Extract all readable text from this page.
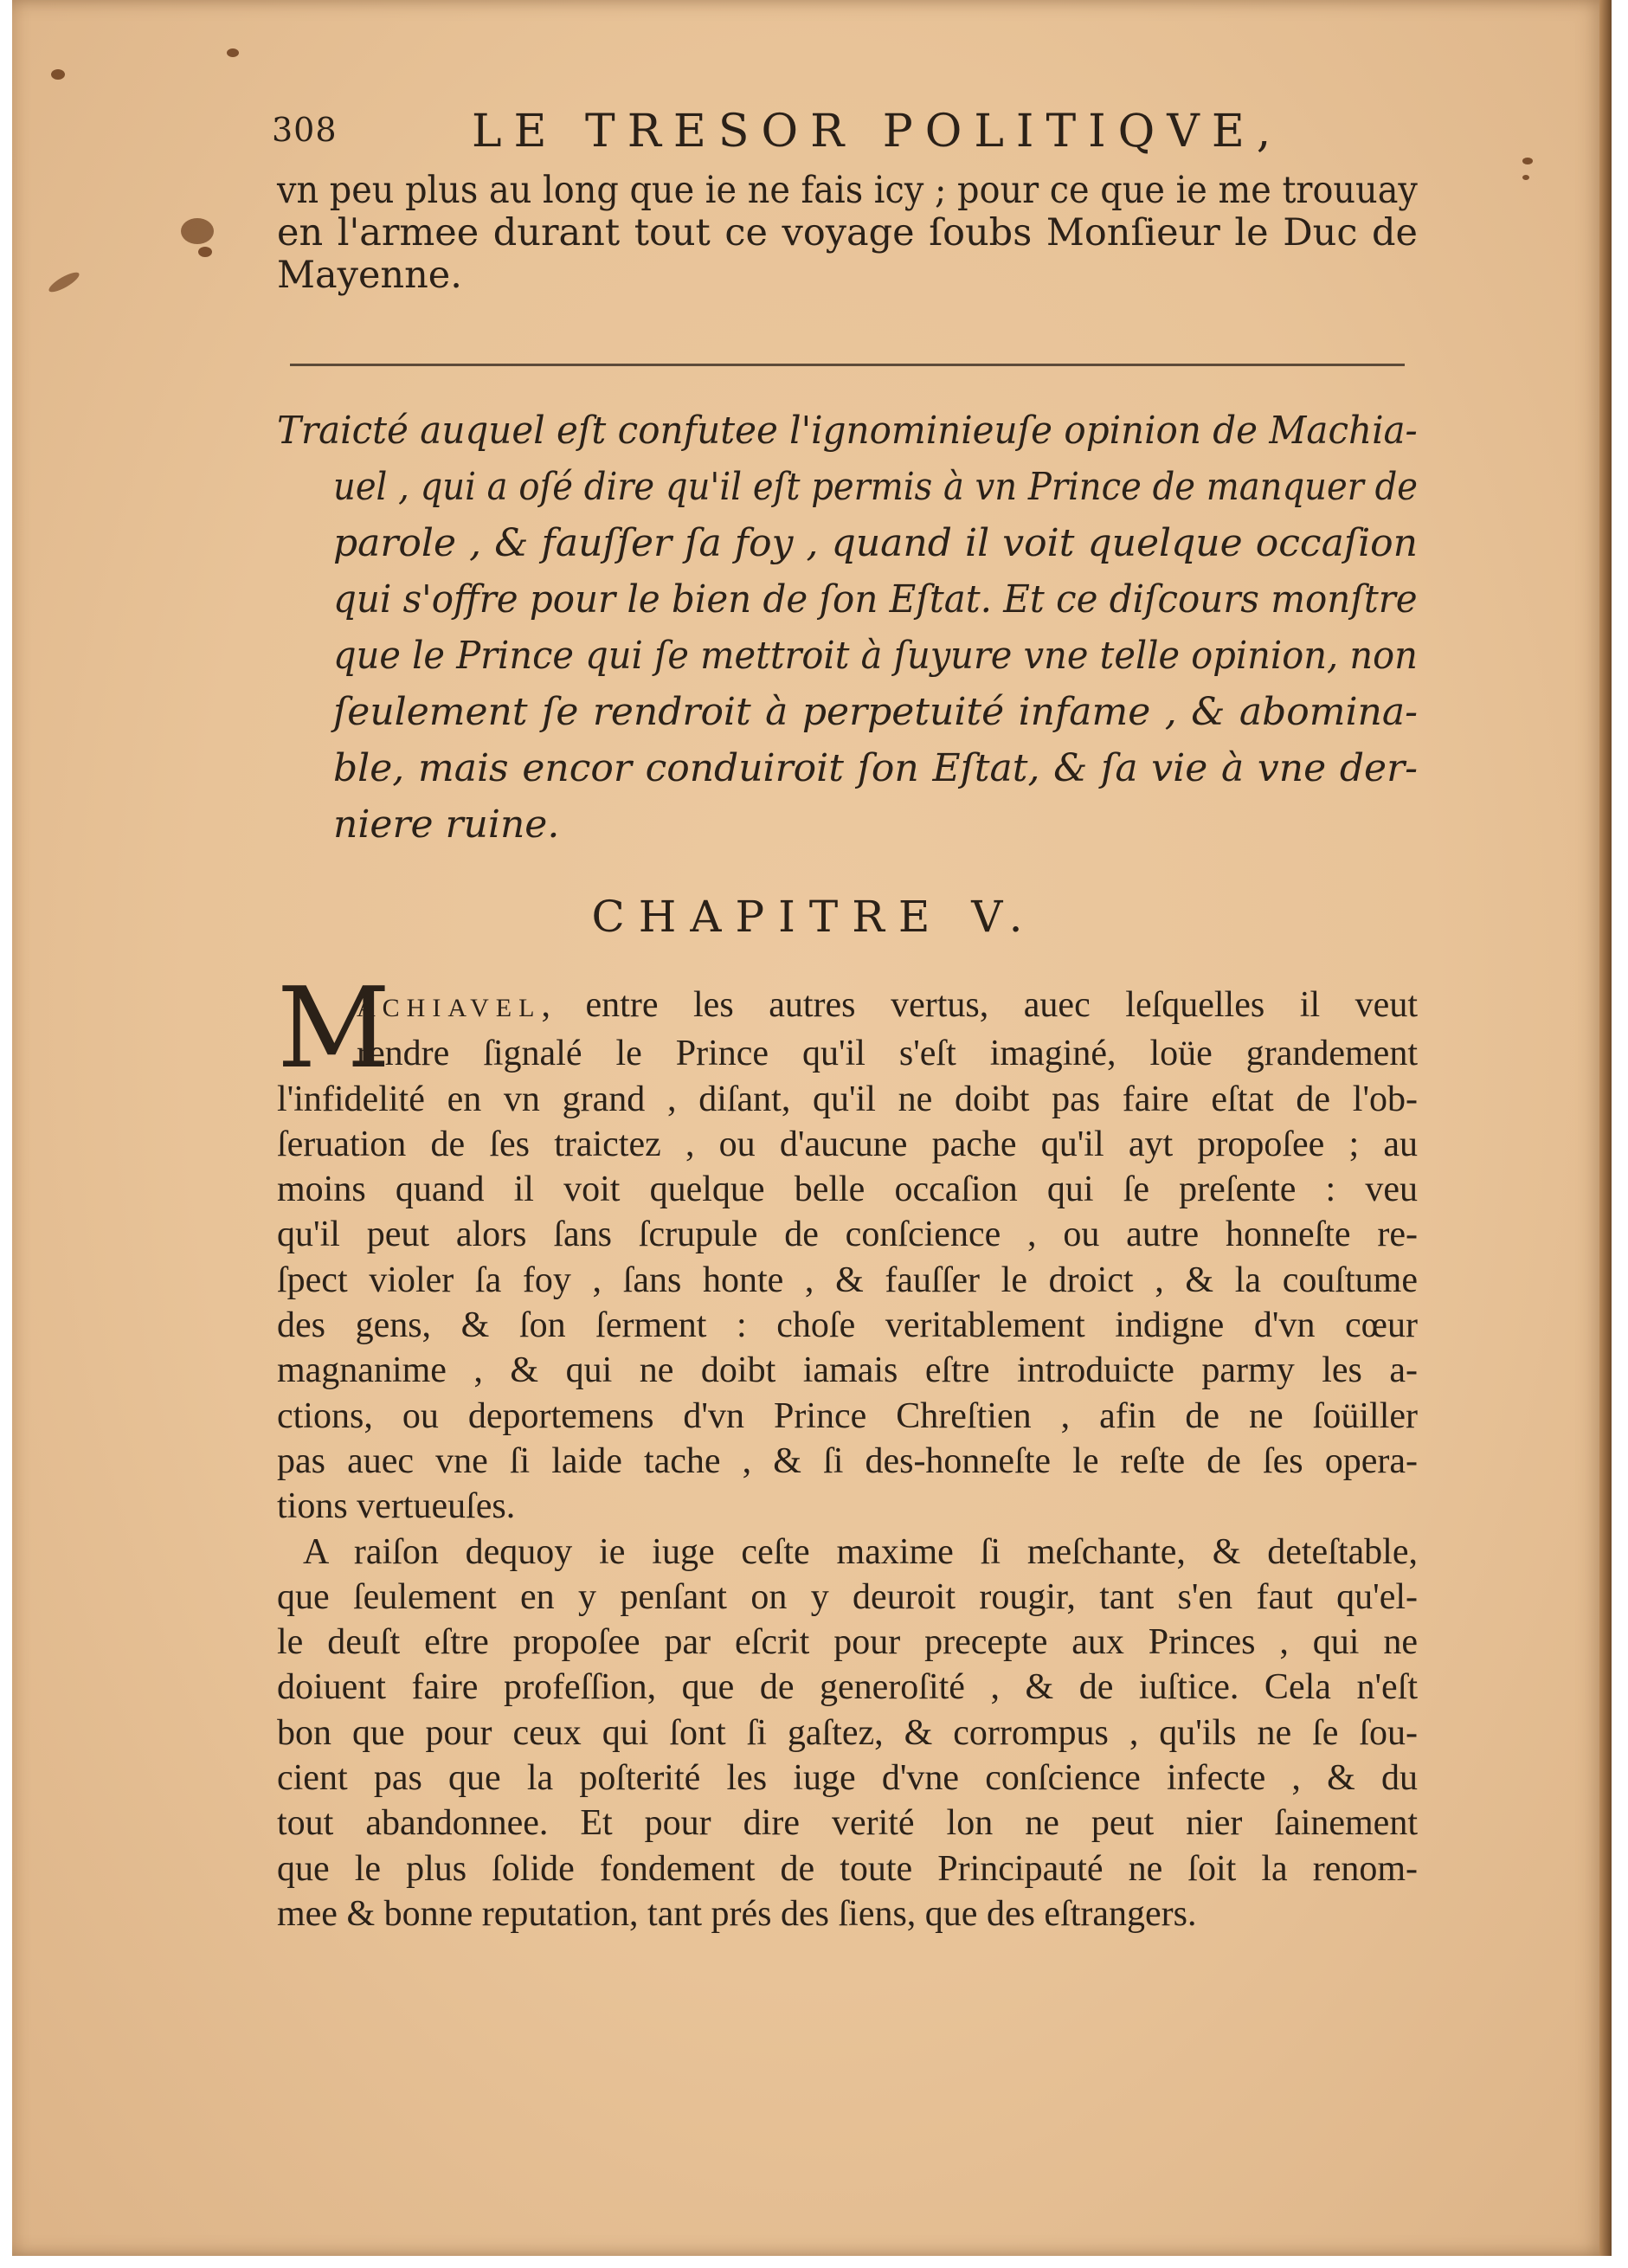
308	LE TRESOR POLITIQVE,
vn peu plus au long que ie ne fais icy ; pour ce que ie me trouuay
en l'armee durant tout ce voyage ſoubs Monſieur le Duc de
Mayenne.
Traicté auquel eſt confutee l'ignominieuſe opinion de Machia-
uel , qui a oſé dire qu'il eſt permis à vn Prince de manquer de
parole , & fauſſer ſa foy , quand il voit quelque occaſion
qui s'offre pour le bien de ſon Eſtat. Et ce diſcours monſtre
que le Prince qui ſe mettroit à ſuyure vne telle opinion, non
ſeulement ſe rendroit à perpetuité infame , & abomina-
ble, mais encor conduiroit ſon Eſtat, & ſa vie à vne der-
niere ruine.
CHAPITRE V.
M
ACHIAVEL, entre les autres vertus, auec leſquelles il veut
rendre ſignalé le Prince qu'il s'eſt imaginé, loüe grandement
l'infidelité en vn grand , diſant, qu'il ne doibt pas faire eſtat de l'ob-
ſeruation de ſes traictez , ou d'aucune pache qu'il ayt propoſee ; au
moins quand il voit quelque belle occaſion qui ſe preſente : veu
qu'il peut alors ſans ſcrupule de conſcience , ou autre honneſte re-
ſpect violer ſa foy , ſans honte , & fauſſer le droict , & la couſtume
des gens, & ſon ſerment : choſe veritablement indigne d'vn cœur
magnanime , & qui ne doibt iamais eſtre introduicte parmy les a-
ctions, ou deportemens d'vn Prince Chreſtien , afin de ne ſoüiller
pas auec vne ſi laide tache , & ſi des-honneſte le reſte de ſes opera-
tions vertueuſes.
A raiſon dequoy ie iuge ceſte maxime ſi meſchante, & deteſtable,
que ſeulement en y penſant on y deuroit rougir, tant s'en faut qu'el-
le deuſt eſtre propoſee par eſcrit pour precepte aux Princes , qui ne
doiuent faire profeſſion, que de generoſité , & de iuſtice. Cela n'eſt
bon que pour ceux qui ſont ſi gaſtez, & corrompus , qu'ils ne ſe ſou-
cient pas que la poſterité les iuge d'vne conſcience infecte , & du
tout abandonnee. Et pour dire verité lon ne peut nier ſainement
que le plus ſolide fondement de toute Principauté ne ſoit la renom-
mee & bonne reputation, tant prés des ſiens, que des eſtrangers.
